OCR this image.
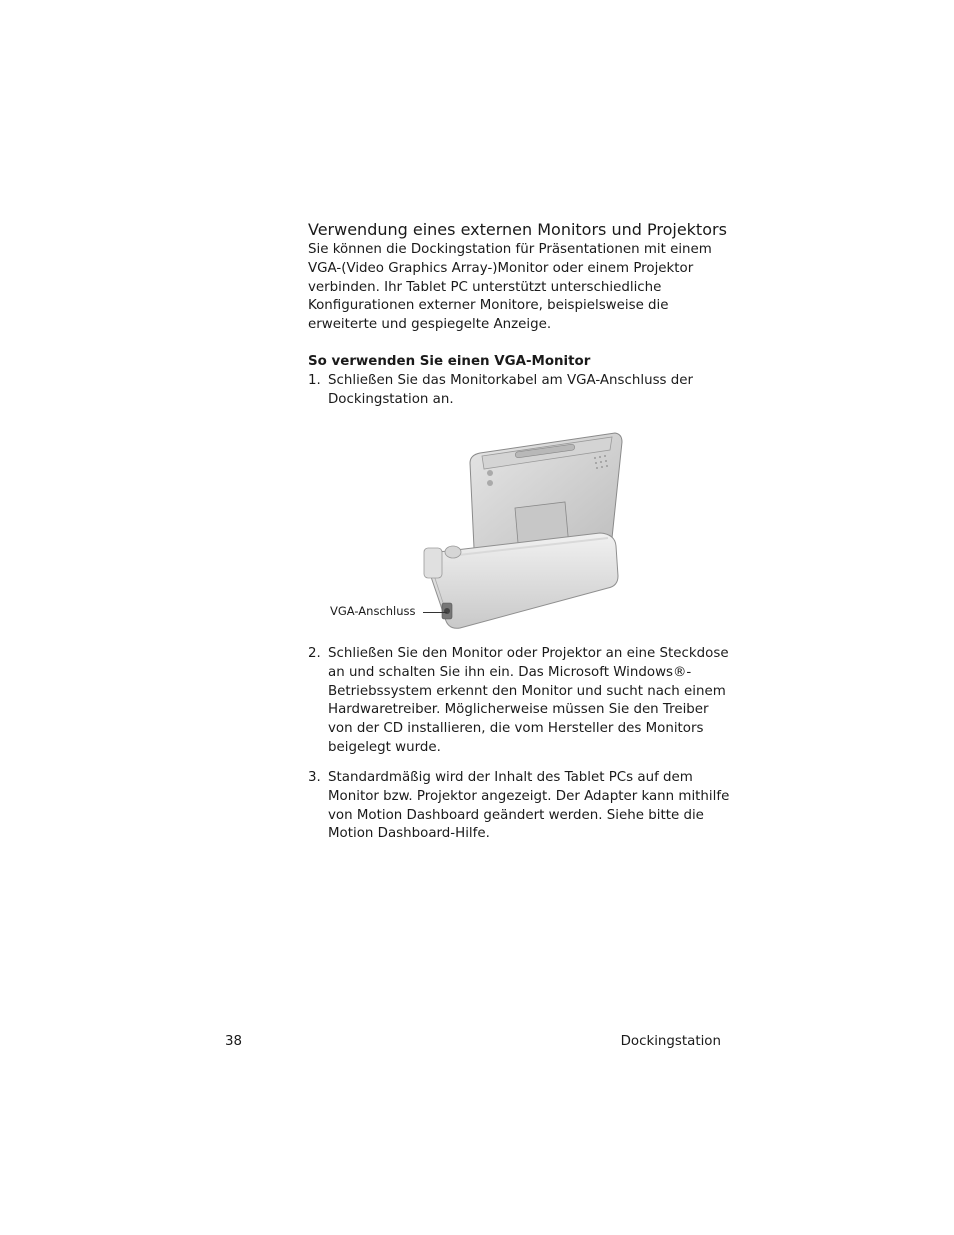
Verwendung eines externen Monitors und Projektors

Sie können die Dockingstation für Präsentationen mit einem VGA-(Video Graphics Array-)Monitor oder einem Projektor verbinden. Ihr Tablet PC unterstützt unterschiedliche Konfigurationen externer Monitore, beispielsweise die erweiterte und gespiegelte Anzeige.

So verwenden Sie einen VGA-Monitor

1. Schließen Sie das Monitorkabel am VGA-Anschluss der Dockingstation an.
VGA-Anschluss
2. Schließen Sie den Monitor oder Projektor an eine Steckdose an und schalten Sie ihn ein. Das Microsoft Windows®-Betriebssystem erkennt den Monitor und sucht nach einem Hardwaretreiber. Möglicherweise müssen Sie den Treiber von der CD installieren, die vom Hersteller des Monitors beigelegt wurde.
3. Standardmäßig wird der Inhalt des Tablet PCs auf dem Monitor bzw. Projektor angezeigt. Der Adapter kann mithilfe von Motion Dashboard geändert werden. Siehe bitte die Motion Dashboard-Hilfe.
38	Dockingstation
